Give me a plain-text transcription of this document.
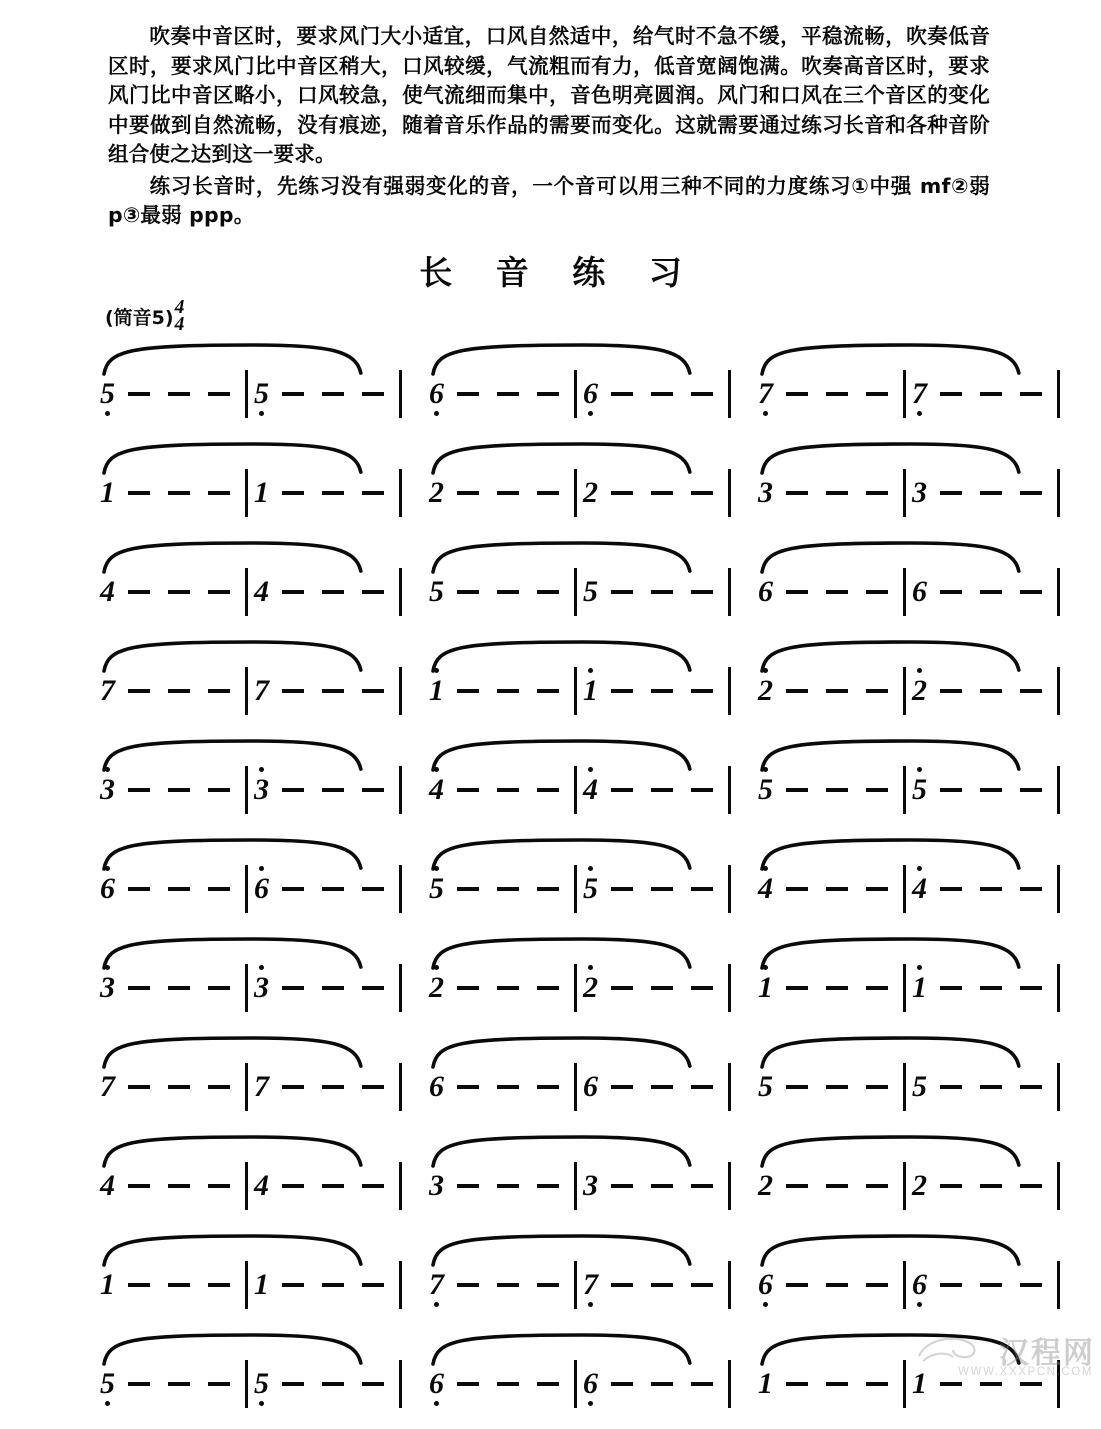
吹奏中音区时，要求风门大小适宜，口风自然适中，给气时不急不缓，平稳流畅，吹奏低音区时，要求风门比中音区稍大，口风较缓，气流粗而有力，低音宽阔饱满。吹奏高音区时，要求风门比中音区略小，口风较急，使气流细而集中，音色明亮圆润。风门和口风在三个音区的变化中要做到自然流畅，没有痕迹，随着音乐作品的需要而变化。这就需要通过练习长音和各种音阶组合使之达到这一要求。

练习长音时，先练习没有强弱变化的音，一个音可以用三种不同的力度练习①中强 mf②弱 p③最弱 ppp。

长 音 练 习
(筒音5) 4
4
5	5	6	6	7	7
1	1	2	2	3	3
4	4	5	5	6	6
7	7	1	1	2	2
3	3	4	4	5	5
6	6	5	5	4	4
3	3	2	2	1	1
7	7	6	6	5	5
4	4	3	3	2	2
1	1	7	7	6	6
5	5	6	6	1	1
汉程网
WWW.XXXPCN.COM
